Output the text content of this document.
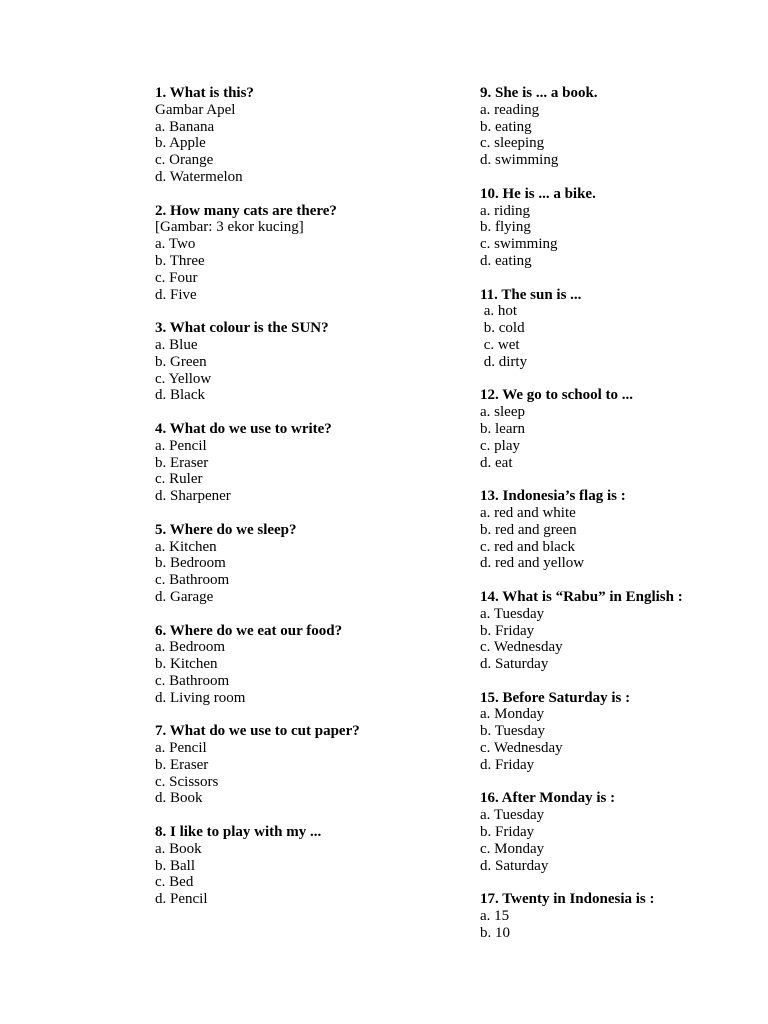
1. What is this?
Gambar Apel
a. Banana
b. Apple
c. Orange
d. Watermelon
2. How many cats are there?
[Gambar: 3 ekor kucing]
a. Two
b. Three
c. Four
d. Five
3. What colour is the SUN?
a. Blue
b. Green
c. Yellow
d. Black
4. What do we use to write?
a. Pencil
b. Eraser
c. Ruler
d. Sharpener
5. Where do we sleep?
a. Kitchen
b. Bedroom
c. Bathroom
d. Garage
6. Where do we eat our food?
a. Bedroom
b. Kitchen
c. Bathroom
d. Living room
7. What do we use to cut paper?
a. Pencil
b. Eraser
c. Scissors
d. Book
8. I like to play with my ...
a. Book
b. Ball
c. Bed
d. Pencil
9. She is ... a book.
a. reading
b. eating
c. sleeping
d. swimming
10. He is ... a bike.
a. riding
b. flying
c. swimming
d. eating
11. The sun is ...
a. hot
b. cold
c. wet
d. dirty
12. We go to school to ...
a. sleep
b. learn
c. play
d. eat
13. Indonesia’s flag is :
a. red and white
b. red and green
c. red and black
d. red and yellow
14. What is “Rabu” in English :
a. Tuesday
b. Friday
c. Wednesday
d. Saturday
15. Before Saturday is :
a. Monday
b. Tuesday
c. Wednesday
d. Friday
16. After Monday is :
a. Tuesday
b. Friday
c. Monday
d. Saturday
17. Twenty in Indonesia is :
a. 15
b. 10
